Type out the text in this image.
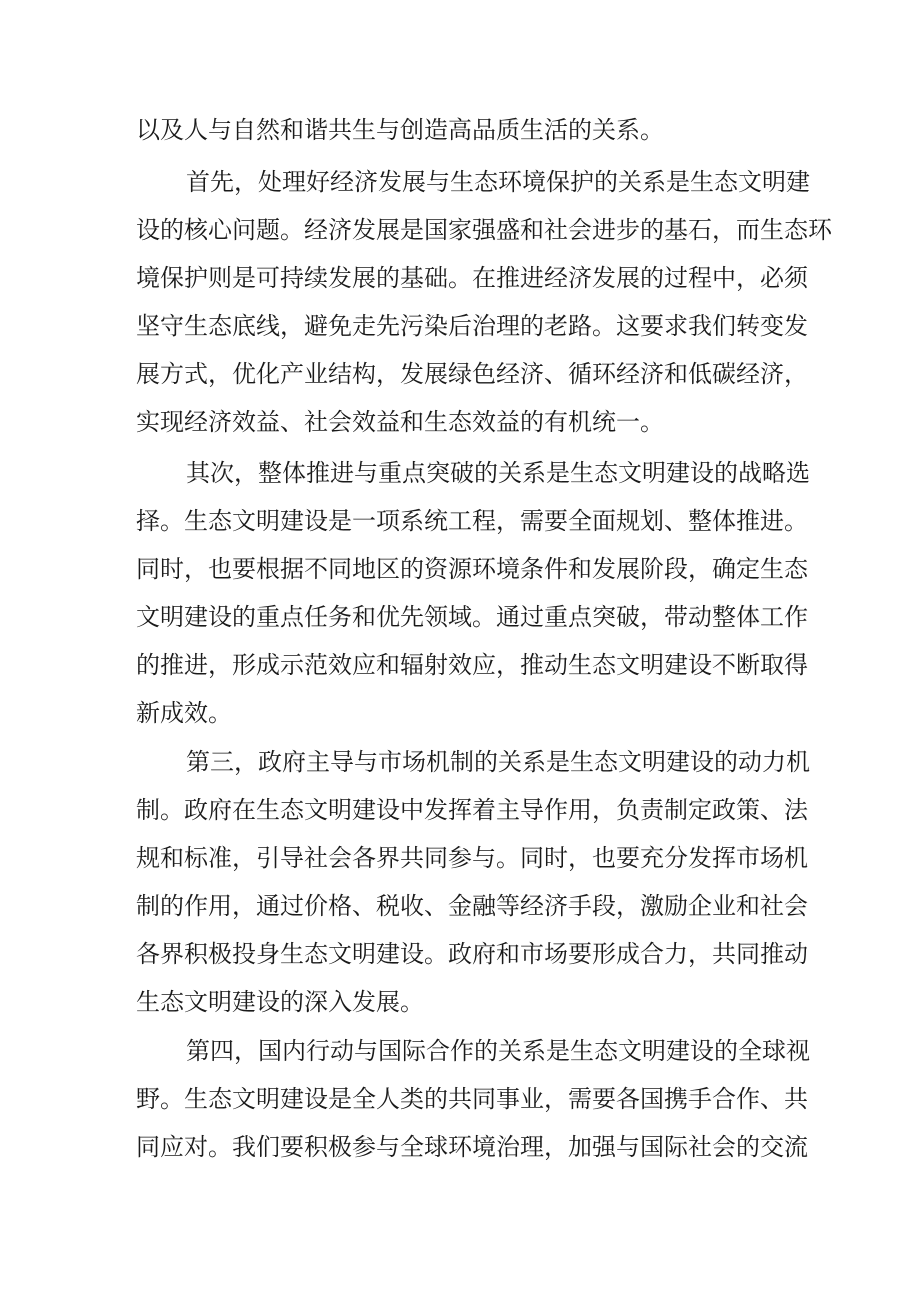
以及人与自然和谐共生与创造高品质生活的关系。

首先，处理好经济发展与生态环境保护的关系是生态文明建

设的核心问题。经济发展是国家强盛和社会进步的基石，而生态环

境保护则是可持续发展的基础。在推进经济发展的过程中，必须

坚守生态底线，避免走先污染后治理的老路。这要求我们转变发

展方式，优化产业结构，发展绿色经济、循环经济和低碳经济，

实现经济效益、社会效益和生态效益的有机统一。

其次，整体推进与重点突破的关系是生态文明建设的战略选

择。生态文明建设是一项系统工程，需要全面规划、整体推进。

同时，也要根据不同地区的资源环境条件和发展阶段，确定生态

文明建设的重点任务和优先领域。通过重点突破，带动整体工作

的推进，形成示范效应和辐射效应，推动生态文明建设不断取得

新成效。

第三，政府主导与市场机制的关系是生态文明建设的动力机

制。政府在生态文明建设中发挥着主导作用，负责制定政策、法

规和标准，引导社会各界共同参与。同时，也要充分发挥市场机

制的作用，通过价格、税收、金融等经济手段，激励企业和社会

各界积极投身生态文明建设。政府和市场要形成合力，共同推动

生态文明建设的深入发展。

第四，国内行动与国际合作的关系是生态文明建设的全球视

野。生态文明建设是全人类的共同事业，需要各国携手合作、共

同应对。我们要积极参与全球环境治理，加强与国际社会的交流
